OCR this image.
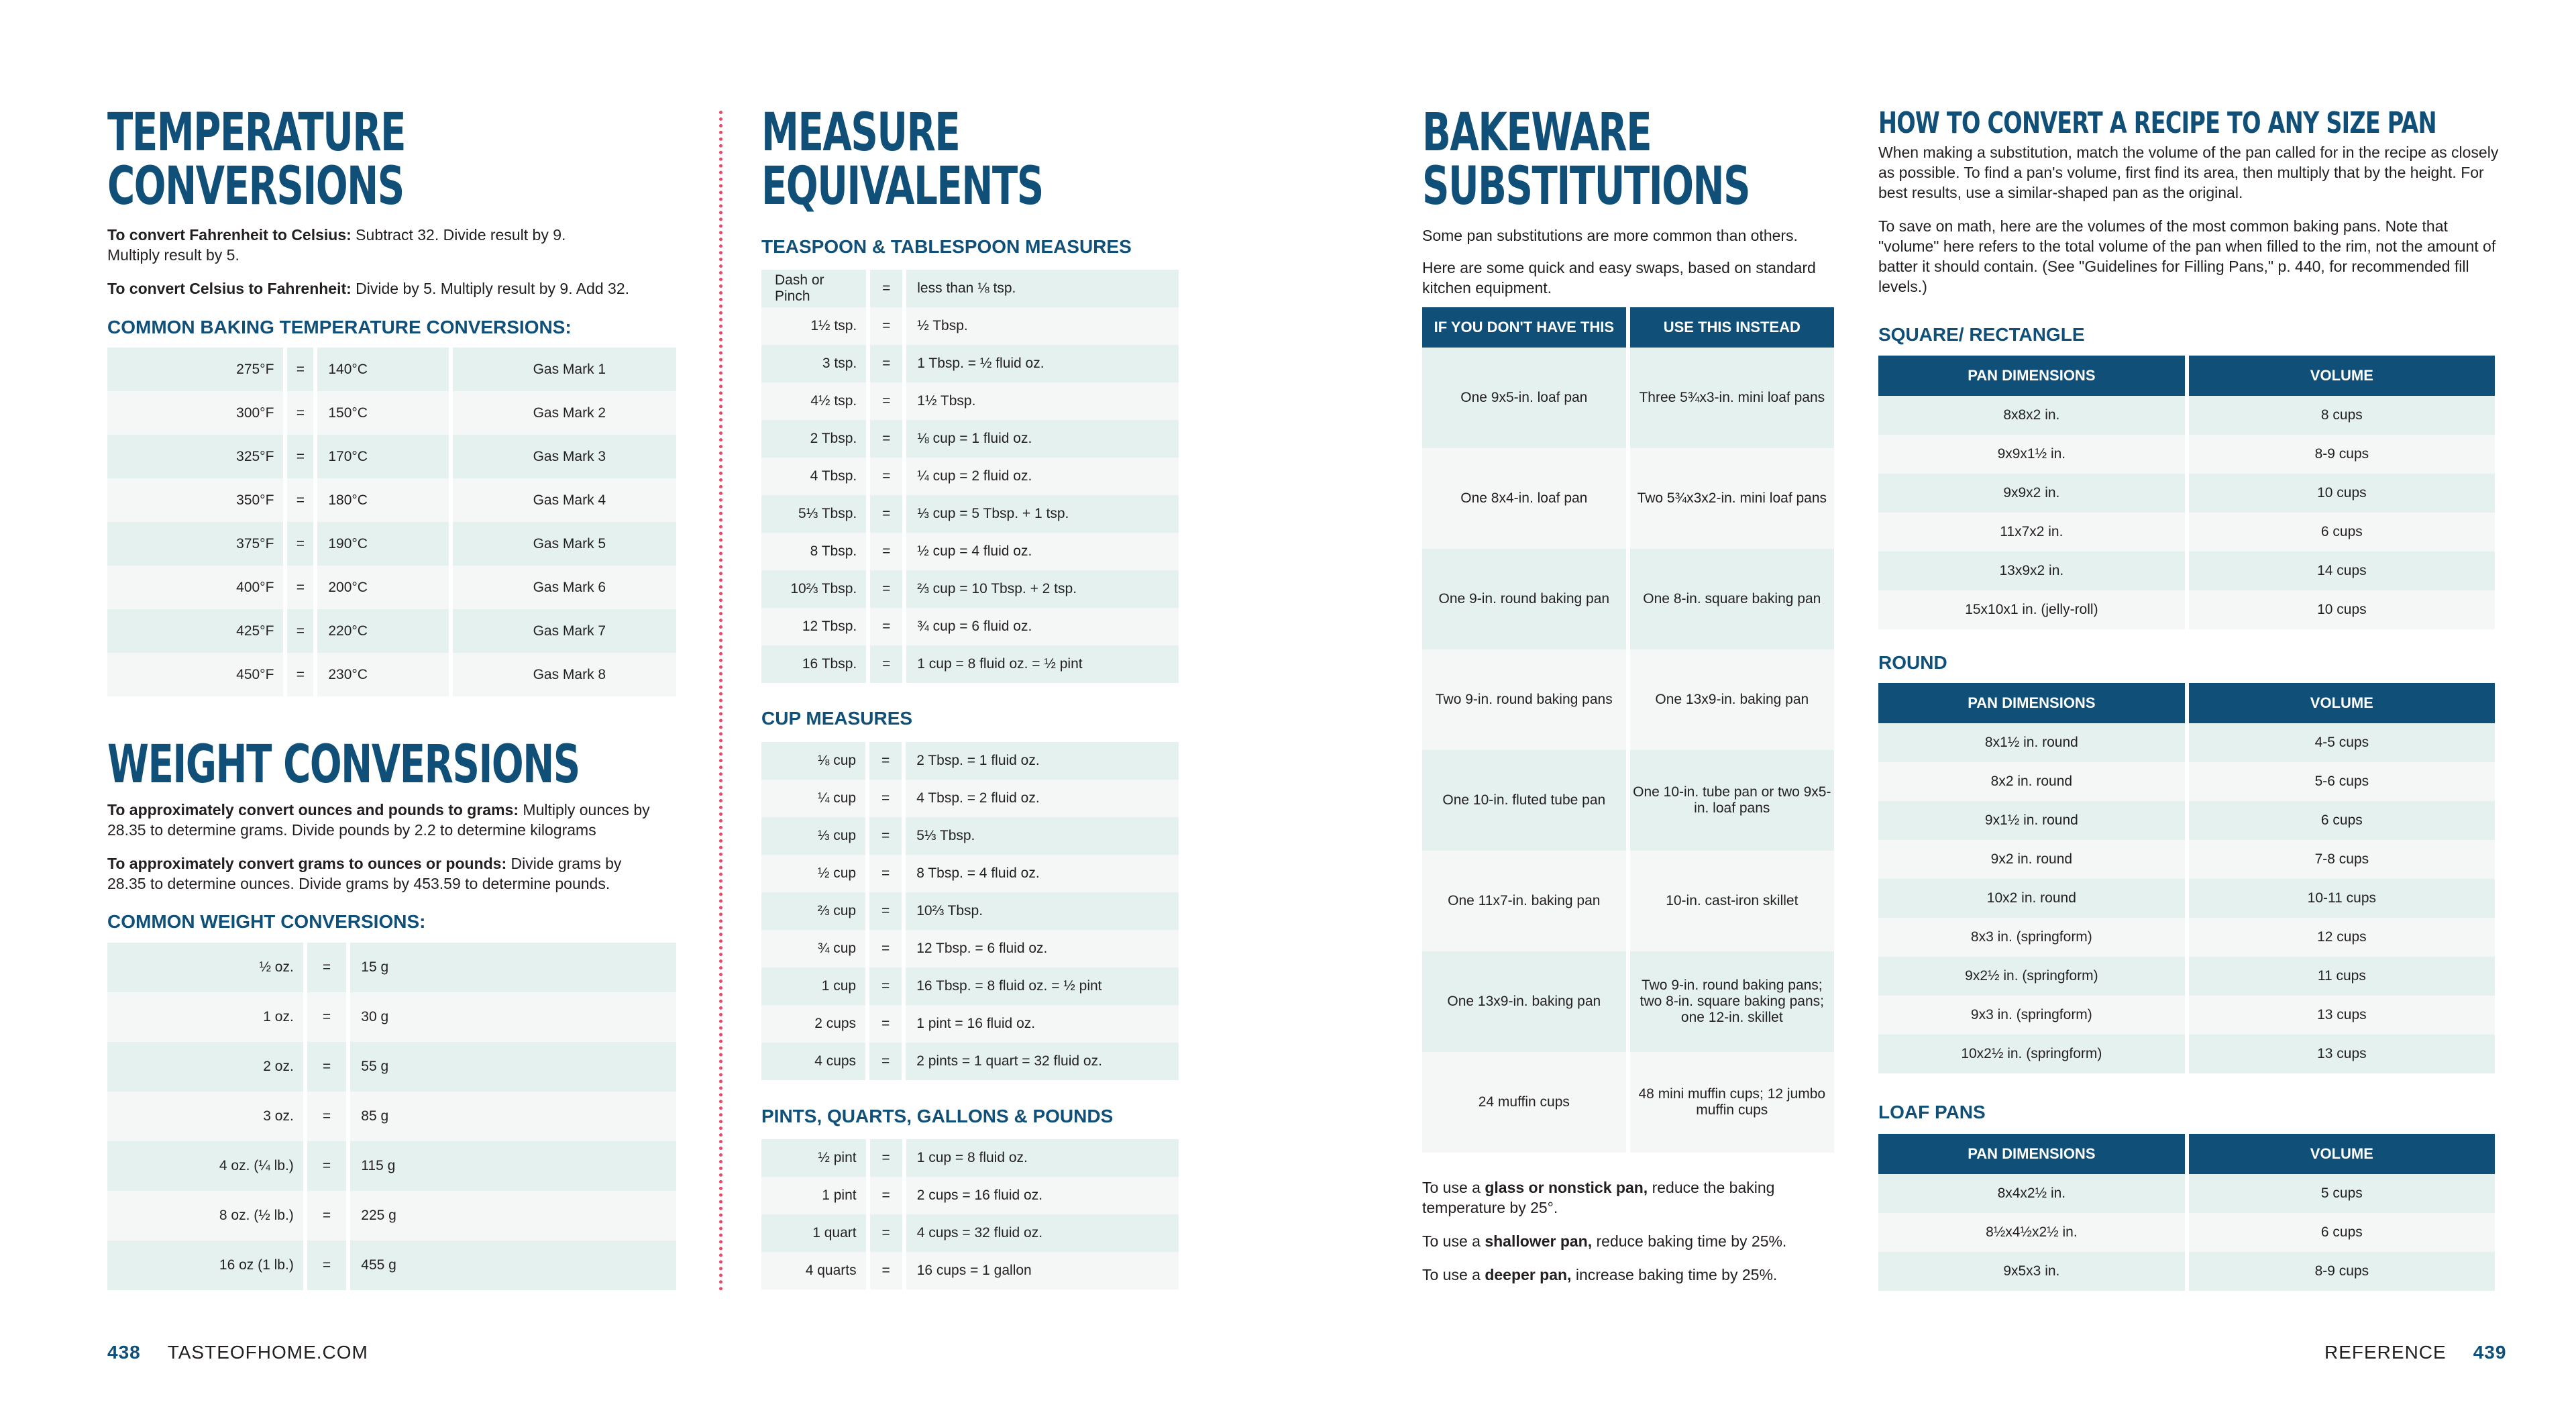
TEMPERATURE
CONVERSIONS
To convert Fahrenheit to Celsius: Subtract 32. Divide result by 9. Multiply result by 5.
To convert Celsius to Fahrenheit: Divide by 5. Multiply result by 9. Add 32.
COMMON BAKING TEMPERATURE CONVERSIONS:
275°F	=	140°C	Gas Mark 1
300°F	=	150°C	Gas Mark 2
325°F	=	170°C	Gas Mark 3
350°F	=	180°C	Gas Mark 4
375°F	=	190°C	Gas Mark 5
400°F	=	200°C	Gas Mark 6
425°F	=	220°C	Gas Mark 7
450°F	=	230°C	Gas Mark 8
WEIGHT CONVERSIONS
To approximately convert ounces and pounds to grams: Multiply ounces by 28.35 to determine grams. Divide pounds by 2.2 to determine kilograms
To approximately convert grams to ounces or pounds: Divide grams by 28.35 to determine ounces. Divide grams by 453.59 to determine pounds.
COMMON WEIGHT CONVERSIONS:
½ oz.	=	15 g
1 oz.	=	30 g
2 oz.	=	55 g
3 oz.	=	85 g
4 oz. (¼ lb.)	=	115 g
8 oz. (½ lb.)	=	225 g
16 oz (1 lb.)	=	455 g
MEASURE
EQUIVALENTS
TEASPOON & TABLESPOON MEASURES
Dash or Pinch	=	less than ⅛ tsp.
1½ tsp.	=	½ Tbsp.
3 tsp.	=	1 Tbsp. = ½ fluid oz.
4½ tsp.	=	1½ Tbsp.
2 Tbsp.	=	⅛ cup = 1 fluid oz.
4 Tbsp.	=	¼ cup = 2 fluid oz.
5⅓ Tbsp.	=	⅓ cup = 5 Tbsp. + 1 tsp.
8 Tbsp.	=	½ cup = 4 fluid oz.
10⅔ Tbsp.	=	⅔ cup = 10 Tbsp. + 2 tsp.
12 Tbsp.	=	¾ cup = 6 fluid oz.
16 Tbsp.	=	1 cup = 8 fluid oz. = ½ pint
CUP MEASURES
⅛ cup	=	2 Tbsp. = 1 fluid oz.
¼ cup	=	4 Tbsp. = 2 fluid oz.
⅓ cup	=	5⅓ Tbsp.
½ cup	=	8 Tbsp. = 4 fluid oz.
⅔ cup	=	10⅔ Tbsp.
¾ cup	=	12 Tbsp. = 6 fluid oz.
1 cup	=	16 Tbsp. = 8 fluid oz. = ½ pint
2 cups	=	1 pint = 16 fluid oz.
4 cups	=	2 pints = 1 quart = 32 fluid oz.
PINTS, QUARTS, GALLONS & POUNDS
½ pint	=	1 cup = 8 fluid oz.
1 pint	=	2 cups = 16 fluid oz.
1 quart	=	4 cups = 32 fluid oz.
4 quarts	=	16 cups = 1 gallon
438 TASTEOFHOME.COM
BAKEWARE
SUBSTITUTIONS
Some pan substitutions are more common than others.
Here are some quick and easy swaps, based on standard kitchen equipment.
IF YOU DON'T HAVE THIS	USE THIS INSTEAD
One 9x5-in. loaf pan	Three 5¾x3-in. mini loaf pans
One 8x4-in. loaf pan	Two 5¾x3x2-in. mini loaf pans
One 9-in. round baking pan	One 8-in. square baking pan
Two 9-in. round baking pans	One 13x9-in. baking pan
One 10-in. fluted tube pan	One 10-in. tube pan or two 9x5-in. loaf pans
One 11x7-in. baking pan	10-in. cast-iron skillet
One 13x9-in. baking pan	Two 9-in. round baking pans; two 8-in. square baking pans; one 12-in. skillet
24 muffin cups	48 mini muffin cups; 12 jumbo muffin cups
To use a glass or nonstick pan, reduce the baking temperature by 25°.
To use a shallower pan, reduce baking time by 25%.
To use a deeper pan, increase baking time by 25%.
HOW TO CONVERT A RECIPE TO ANY SIZE PAN
When making a substitution, match the volume of the pan called for in the recipe as closely as possible. To find a pan's volume, first find its area, then multiply that by the height. For best results, use a similar-shaped pan as the original.
To save on math, here are the volumes of the most common baking pans. Note that "volume" here refers to the total volume of the pan when filled to the rim, not the amount of batter it should contain. (See "Guidelines for Filling Pans," p. 440, for recommended fill levels.)
SQUARE/ RECTANGLE
PAN DIMENSIONS	VOLUME
8x8x2 in.	8 cups
9x9x1½ in.	8-9 cups
9x9x2 in.	10 cups
11x7x2 in.	6 cups
13x9x2 in.	14 cups
15x10x1 in. (jelly-roll)	10 cups
ROUND
PAN DIMENSIONS	VOLUME
8x1½ in. round	4-5 cups
8x2 in. round	5-6 cups
9x1½ in. round	6 cups
9x2 in. round	7-8 cups
10x2 in. round	10-11 cups
8x3 in. (springform)	12 cups
9x2½ in. (springform)	11 cups
9x3 in. (springform)	13 cups
10x2½ in. (springform)	13 cups
LOAF PANS
PAN DIMENSIONS	VOLUME
8x4x2½ in.	5 cups
8½x4½x2½ in.	6 cups
9x5x3 in.	8-9 cups
REFERENCE 439
